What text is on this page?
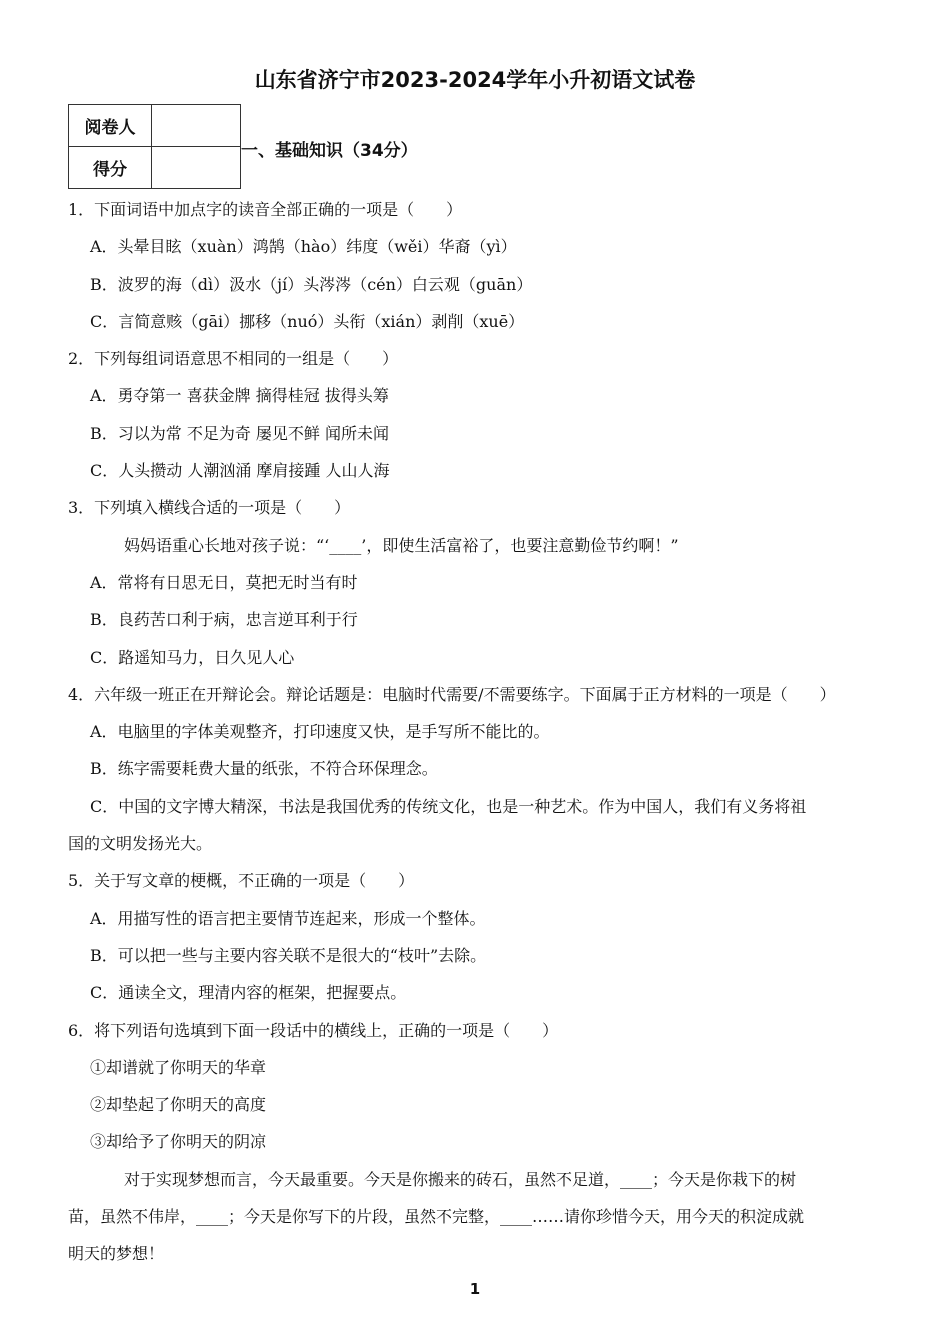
山东省济宁市2023-2024学年小升初语文试卷
阅卷人	
得分	
一、基础知识（34分）
1．下面词语中加点字的读音全部正确的一项是（　　）
A．头晕目眩（xuàn）鸿鹄（hào）纬度（wěi）华裔（yì）
B．波罗的海（dì）汲水（jí）头涔涔（cén）白云观（guān）
C．言简意赅（gāi）挪移（nuó）头衔（xián）剥削（xuē）
2．下列每组词语意思不相同的一组是（　　）
A．勇夺第一 喜获金牌 摘得桂冠 拔得头筹
B．习以为常 不足为奇 屡见不鲜 闻所未闻
C．人头攒动 人潮汹涌 摩肩接踵 人山人海
3．下列填入横线合适的一项是（　　）
妈妈语重心长地对孩子说：“‘____’，即使生活富裕了，也要注意勤俭节约啊！”
A．常将有日思无日，莫把无时当有时
B．良药苦口利于病，忠言逆耳利于行
C．路遥知马力，日久见人心
4．六年级一班正在开辩论会。辩论话题是：电脑时代需要/不需要练字。下面属于正方材料的一项是（　　）
A．电脑里的字体美观整齐，打印速度又快，是手写所不能比的。
B．练字需要耗费大量的纸张，不符合环保理念。
C．中国的文字博大精深，书法是我国优秀的传统文化，也是一种艺术。作为中国人，我们有义务将祖
国的文明发扬光大。
5．关于写文章的梗概，不正确的一项是（　　）
A．用描写性的语言把主要情节连起来，形成一个整体。
B．可以把一些与主要内容关联不是很大的“枝叶”去除。
C．通读全文，理清内容的框架，把握要点。
6．将下列语句选填到下面一段话中的横线上，正确的一项是（　　）
①却谱就了你明天的华章
②却垫起了你明天的高度
③却给予了你明天的阴凉
对于实现梦想而言，今天最重要。今天是你搬来的砖石，虽然不足道，____；今天是你栽下的树
苗，虽然不伟岸，____；今天是你写下的片段，虽然不完整，____……请你珍惜今天，用今天的积淀成就
明天的梦想！
1
